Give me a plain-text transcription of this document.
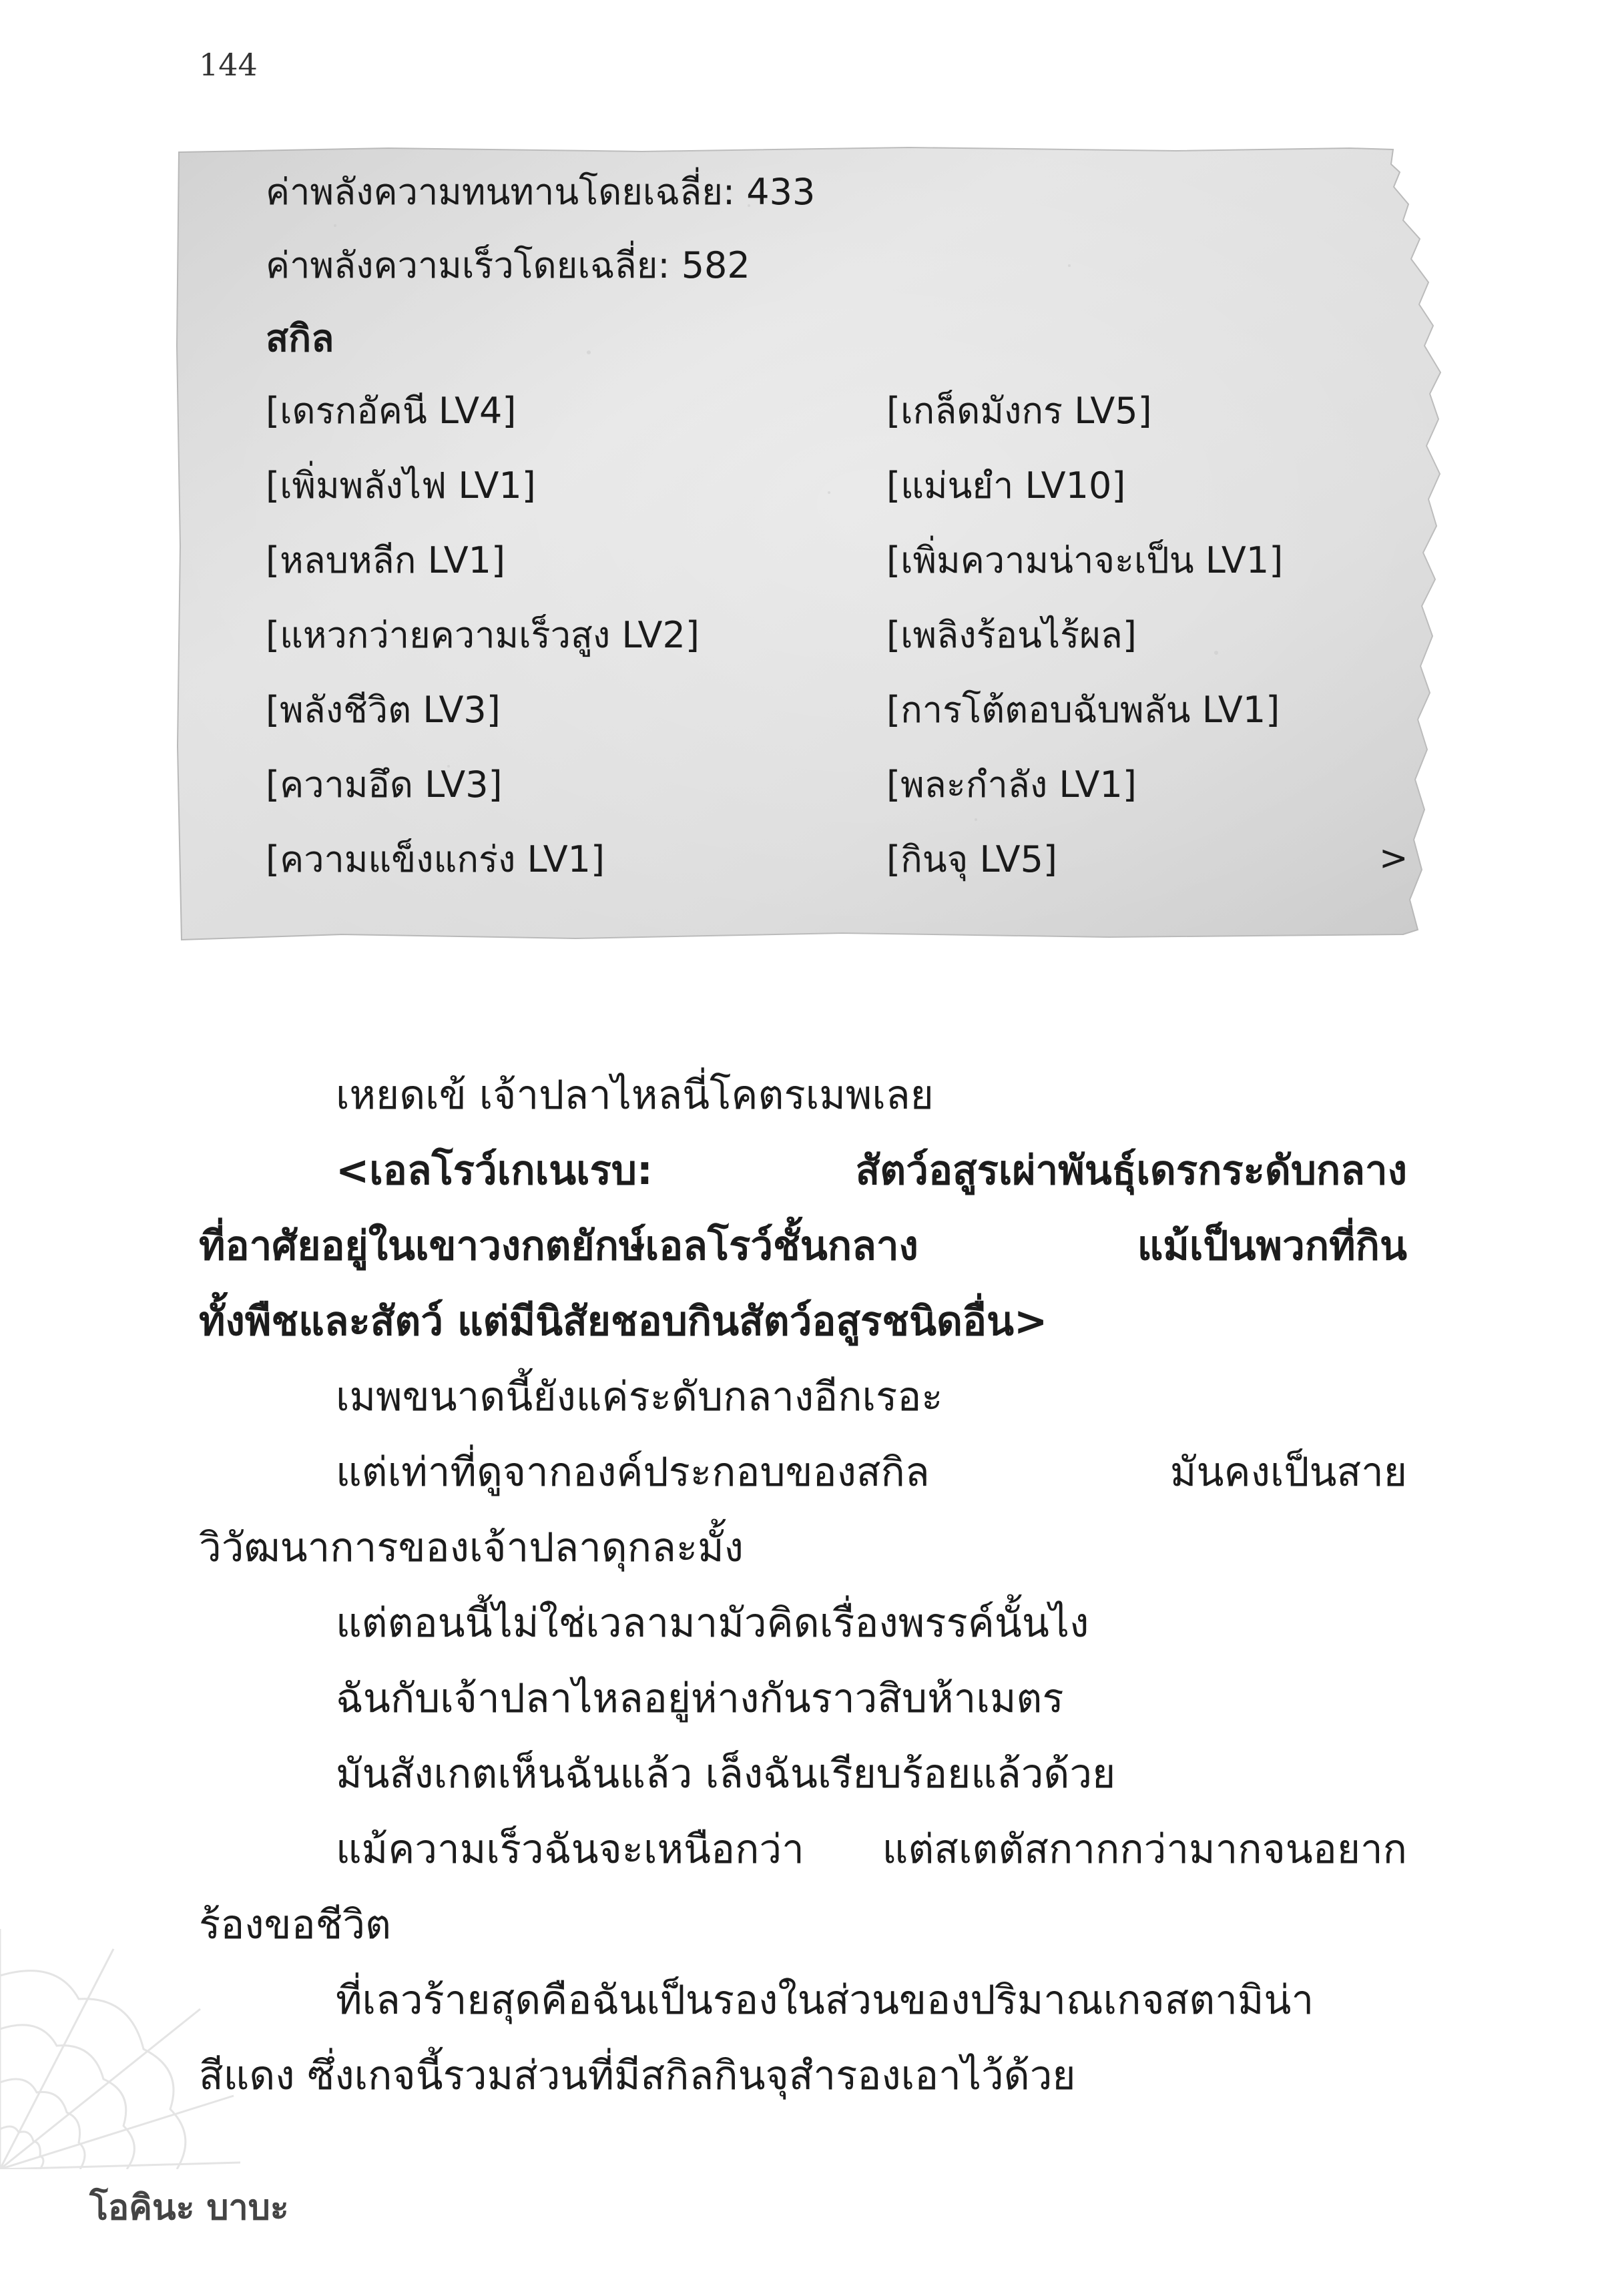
144
ค่าพลังความทนทานโดยเฉลี่ย: 433
ค่าพลังความเร็วโดยเฉลี่ย: 582
สกิล
[เดรกอัคนี LV4]
[เพิ่มพลังไฟ LV1]
[หลบหลีก LV1]
[แหวกว่ายความเร็วสูง LV2]
[พลังชีวิต LV3]
[ความอึด LV3]
[ความแข็งแกร่ง LV1]
[เกล็ดมังกร LV5]
[แม่นยำ LV10]
[เพิ่มความน่าจะเป็น LV1]
[เพลิงร้อนไร้ผล]
[การโต้ตอบฉับพลัน LV1]
[พละกำลัง LV1]
[กินจุ LV5]	>
เหยดเข้ เจ้าปลาไหลนี่โคตรเมพเลย
<เอลโรว์เกเนเรบ: สัตว์อสูรเผ่าพันธุ์เดรกระดับกลาง
ที่อาศัยอยู่ในเขาวงกตยักษ์เอลโรว์ชั้นกลาง แม้เป็นพวกที่กิน
ทั้งพืชและสัตว์ แต่มีนิสัยชอบกินสัตว์อสูรชนิดอื่น>
เมพขนาดนี้ยังแค่ระดับกลางอีกเรอะ
แต่เท่าที่ดูจากองค์ประกอบของสกิล มันคงเป็นสาย
วิวัฒนาการของเจ้าปลาดุกละมั้ง
แต่ตอนนี้ไม่ใช่เวลามามัวคิดเรื่องพรรค์นั้นไง
ฉันกับเจ้าปลาไหลอยู่ห่างกันราวสิบห้าเมตร
มันสังเกตเห็นฉันแล้ว เล็งฉันเรียบร้อยแล้วด้วย
แม้ความเร็วฉันจะเหนือกว่า แต่สเตตัสกากกว่ามากจนอยาก
ร้องขอชีวิต
ที่เลวร้ายสุดคือฉันเป็นรองในส่วนของปริมาณเกจสตามิน่า
สีแดง ซึ่งเกจนี้รวมส่วนที่มีสกิลกินจุสำรองเอาไว้ด้วย
โอคินะ บาบะ
